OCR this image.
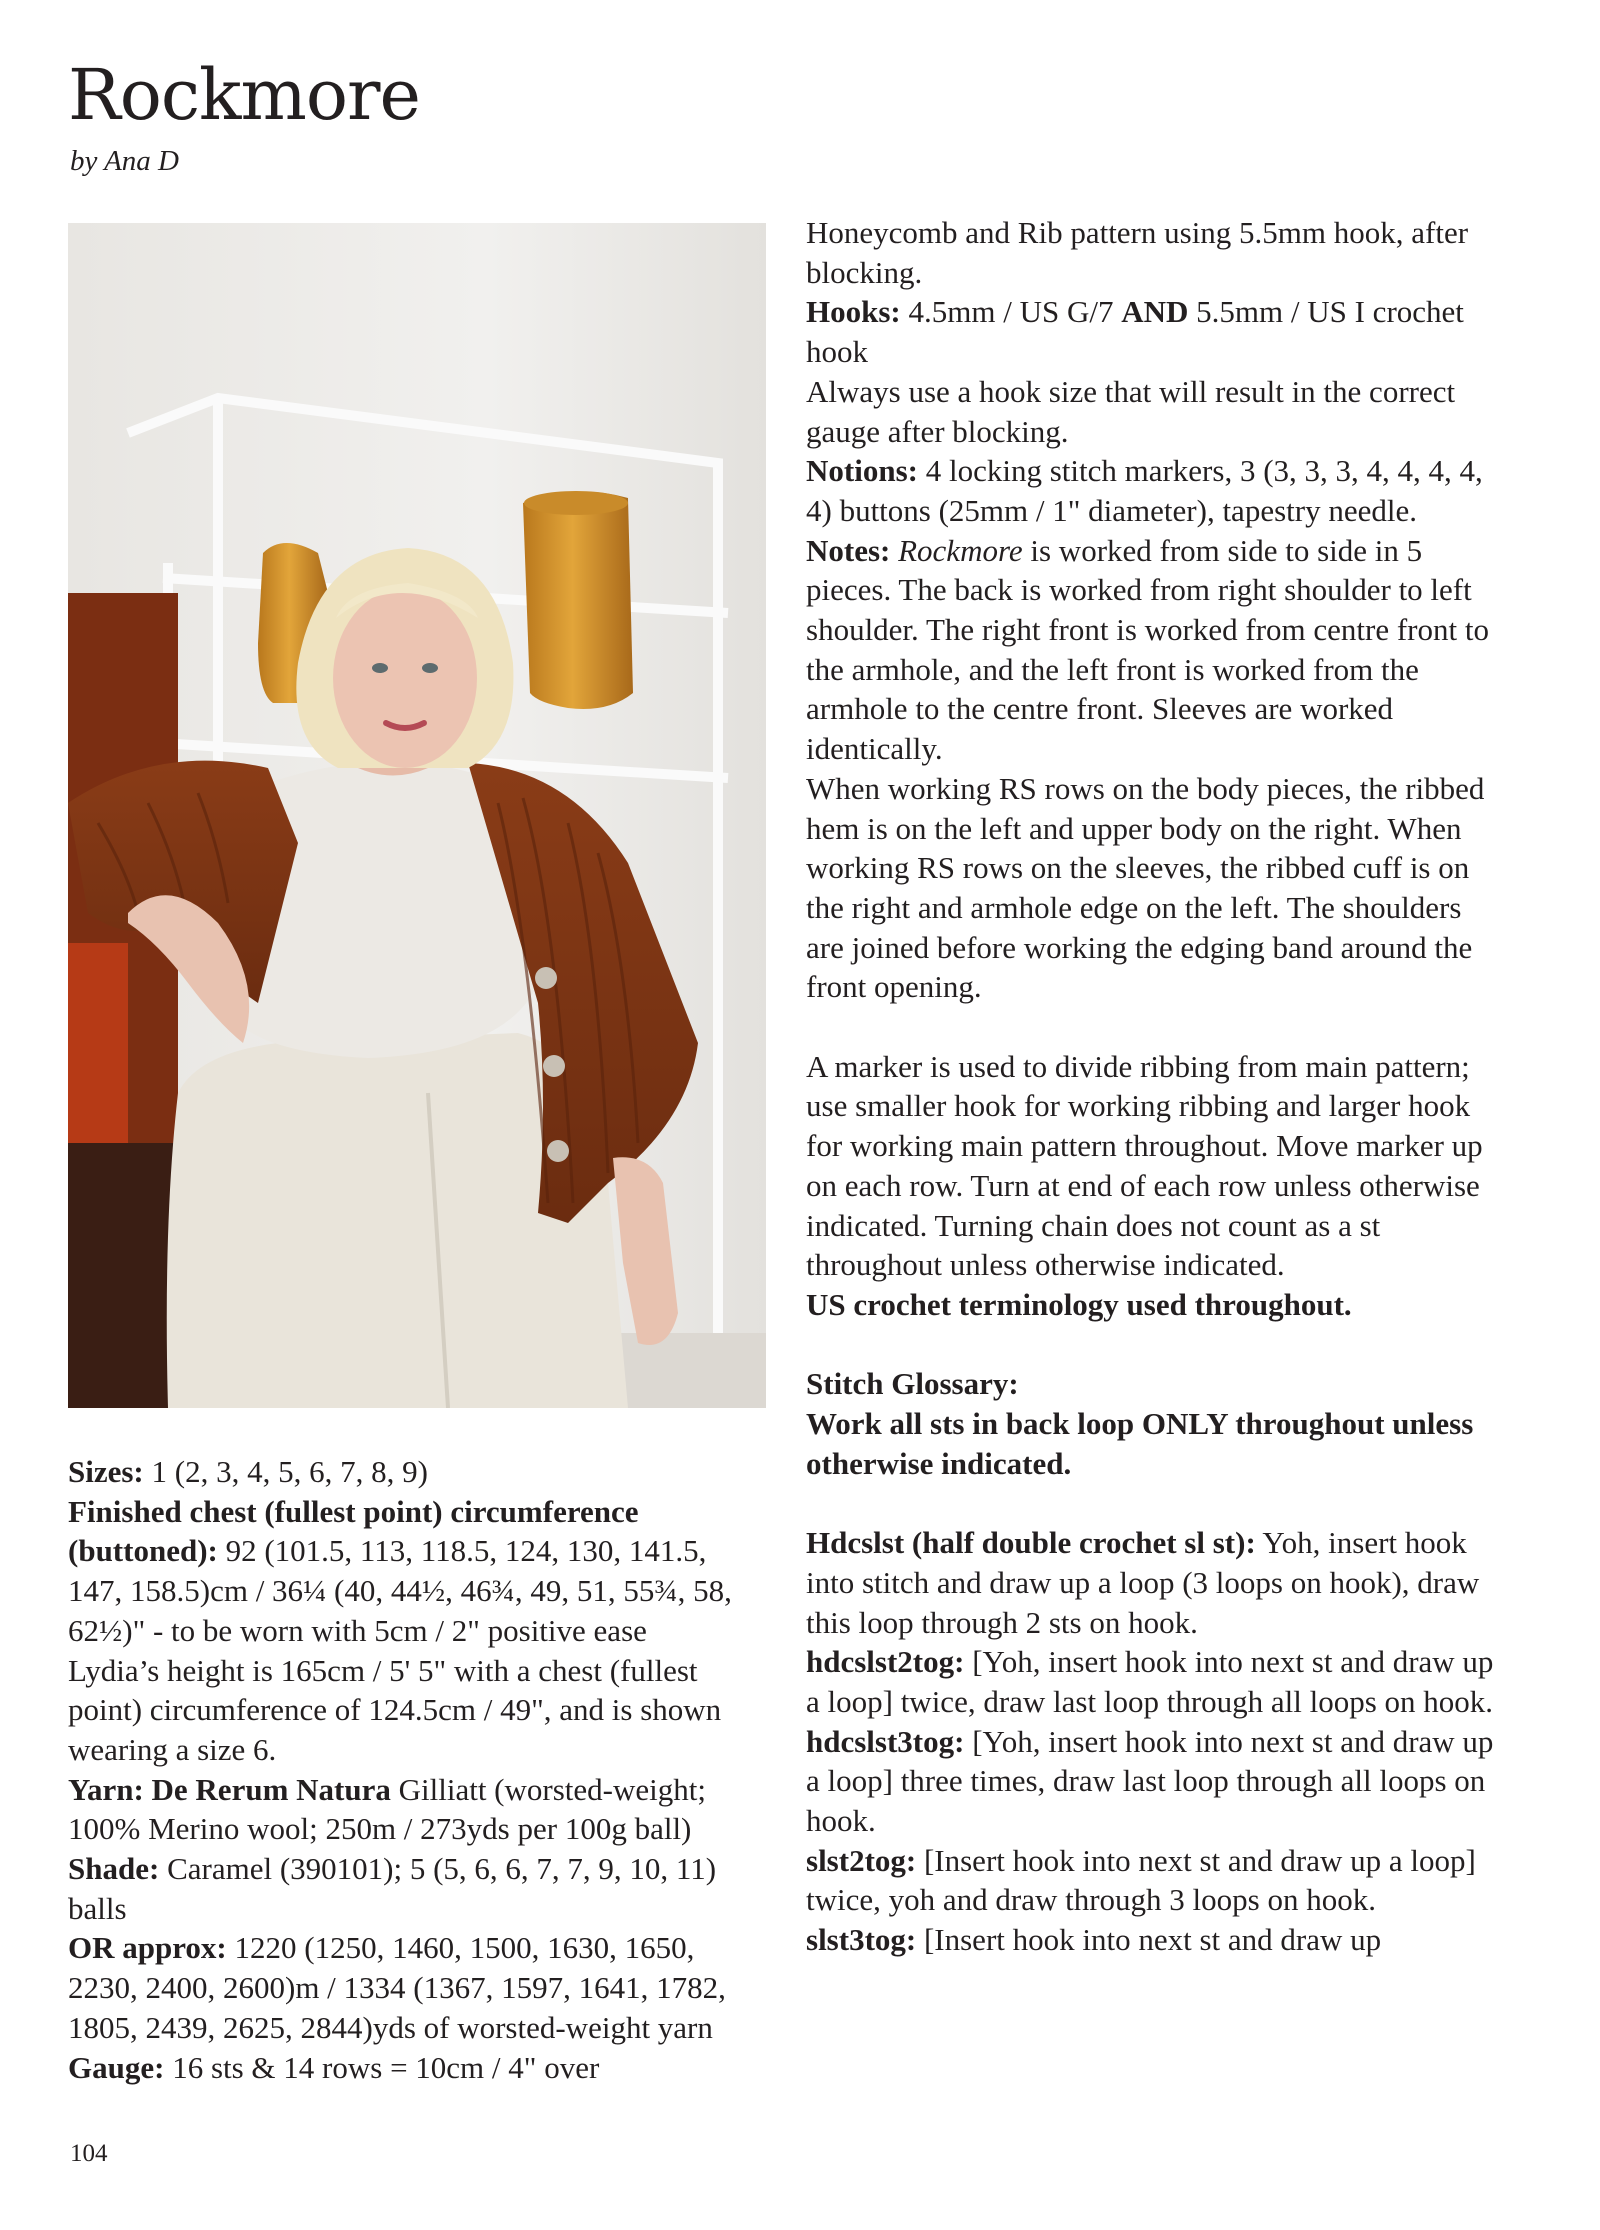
Rockmore

by Ana D

Honeycomb and Rib pattern using 5.5mm hook, after blocking.

Hooks: 4.5mm / US G/7 AND 5.5mm / US I crochet hook

Always use a hook size that will result in the correct gauge after blocking.

Notions: 4 locking stitch markers, 3 (3, 3, 3, 4, 4, 4, 4, 4) buttons (25mm / 1" diameter), tapestry needle.

Notes: Rockmore is worked from side to side in 5 pieces. The back is worked from right shoulder to left shoulder. The right front is worked from centre front to the armhole, and the left front is worked from the armhole to the centre front. Sleeves are worked identically.

When working RS rows on the body pieces, the ribbed hem is on the left and upper body on the right. When working RS rows on the sleeves, the ribbed cuff is on the right and armhole edge on the left. The shoulders are joined before working the edging band around the front opening.

A marker is used to divide ribbing from main pattern; use smaller hook for working ribbing and larger hook for working main pattern throughout. Move marker up on each row. Turn at end of each row unless otherwise indicated. Turning chain does not count as a st throughout unless otherwise indicated.

US crochet terminology used throughout.

Stitch Glossary:

Work all sts in back loop ONLY throughout unless otherwise indicated.

Hdcslst (half double crochet sl st): Yoh, insert hook into stitch and draw up a loop (3 loops on hook), draw this loop through 2 sts on hook.

hdcslst2tog: [Yoh, insert hook into next st and draw up a loop] twice, draw last loop through all loops on hook.

hdcslst3tog: [Yoh, insert hook into next st and draw up a loop] three times, draw last loop through all loops on hook.

slst2tog: [Insert hook into next st and draw up a loop] twice, yoh and draw through 3 loops on hook.

slst3tog: [Insert hook into next st and draw up

Sizes: 1 (2, 3, 4, 5, 6, 7, 8, 9)

Finished chest (fullest point) circumference (buttoned): 92 (101.5, 113, 118.5, 124, 130, 141.5, 147, 158.5)cm / 36¼ (40, 44½, 46¾, 49, 51, 55¾, 58, 62½)" - to be worn with 5cm / 2" positive ease

Lydia’s height is 165cm / 5' 5" with a chest (fullest point) circumference of 124.5cm / 49", and is shown wearing a size 6.

Yarn: De Rerum Natura Gilliatt (worsted-weight; 100% Merino wool; 250m / 273yds per 100g ball)

Shade: Caramel (390101); 5 (5, 6, 6, 7, 7, 9, 10, 11) balls

OR approx: 1220 (1250, 1460, 1500, 1630, 1650, 2230, 2400, 2600)m / 1334 (1367, 1597, 1641, 1782, 1805, 2439, 2625, 2844)yds of worsted-weight yarn

Gauge: 16 sts & 14 rows = 10cm / 4" over

104
